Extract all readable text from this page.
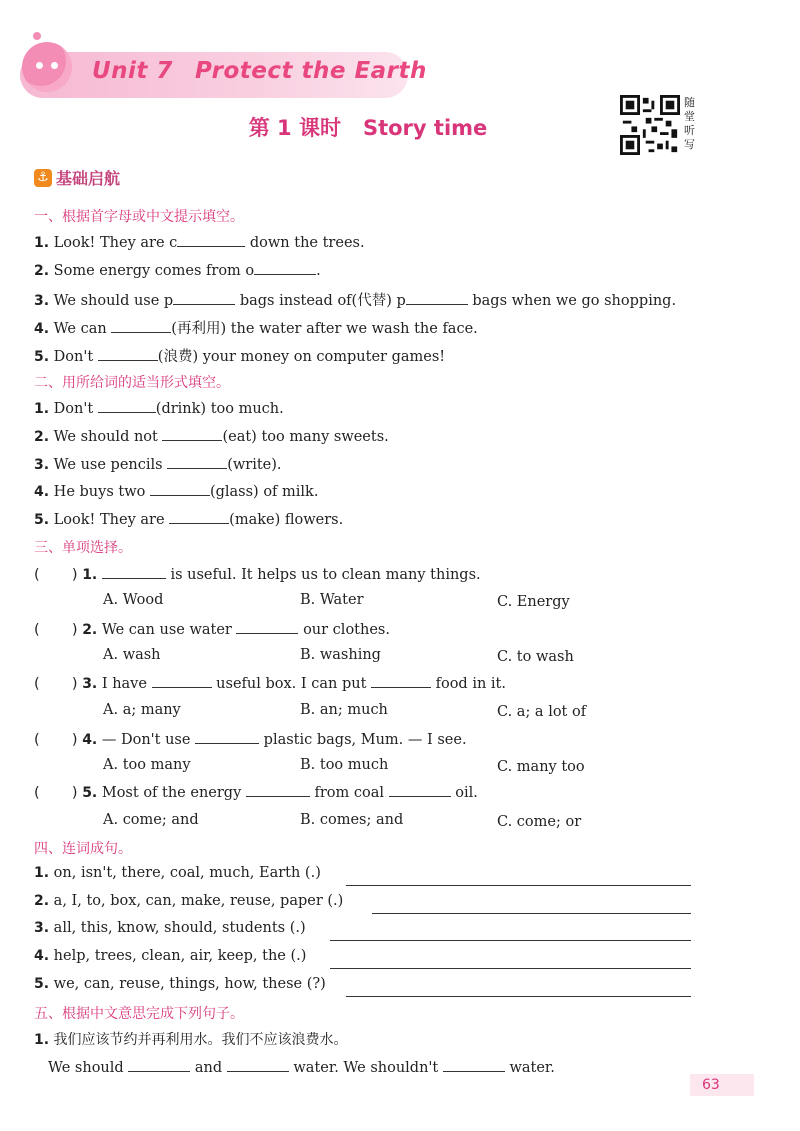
Unit 7 Protect the Earth
第 1 课时 Story time
随
堂
听
写
⚓ 基础启航
一、根据首字母或中文提示填空。
1. Look! They are c	down the trees.
2. Some energy comes from o	.
3. We should use p	bags instead of(代替) p	bags when we go shopping.
4. We can	(再利用) the water after we wash the face.
5. Don't	(浪费) your money on computer games!
二、用所给词的适当形式填空。
1. Don't	(drink) too much.
2. We should not	(eat) too many sweets.
3. We use pencils	(write).
4. He buys two	(glass) of milk.
5. Look! They are	(make) flowers.
三、单项选择。
(       ) 1.	is useful. It helps us to clean many things.
A. Wood	B. Water	C. Energy
(       ) 2. We can use water	our clothes.
A. wash	B. washing	C. to wash
(       ) 3. I have	useful box. I can put	food in it.
A. a; many	B. an; much	C. a; a lot of
(       ) 4. — Don't use	plastic bags, Mum. — I see.
A. too many	B. too much	C. many too
(       ) 5. Most of the energy	from coal	oil.
A. come; and	B. comes; and	C. come; or
四、连词成句。
1. on, isn't, there, coal, much, Earth (.)
2. a, I, to, box, can, make, reuse, paper (.)
3. all, this, know, should, students (.)
4. help, trees, clean, air, keep, the (.)
5. we, can, reuse, things, how, these (?)
五、根据中文意思完成下列句子。
1. 我们应该节约并再利用水。我们不应该浪费水。
We should	and	water. We shouldn't	water.
63
